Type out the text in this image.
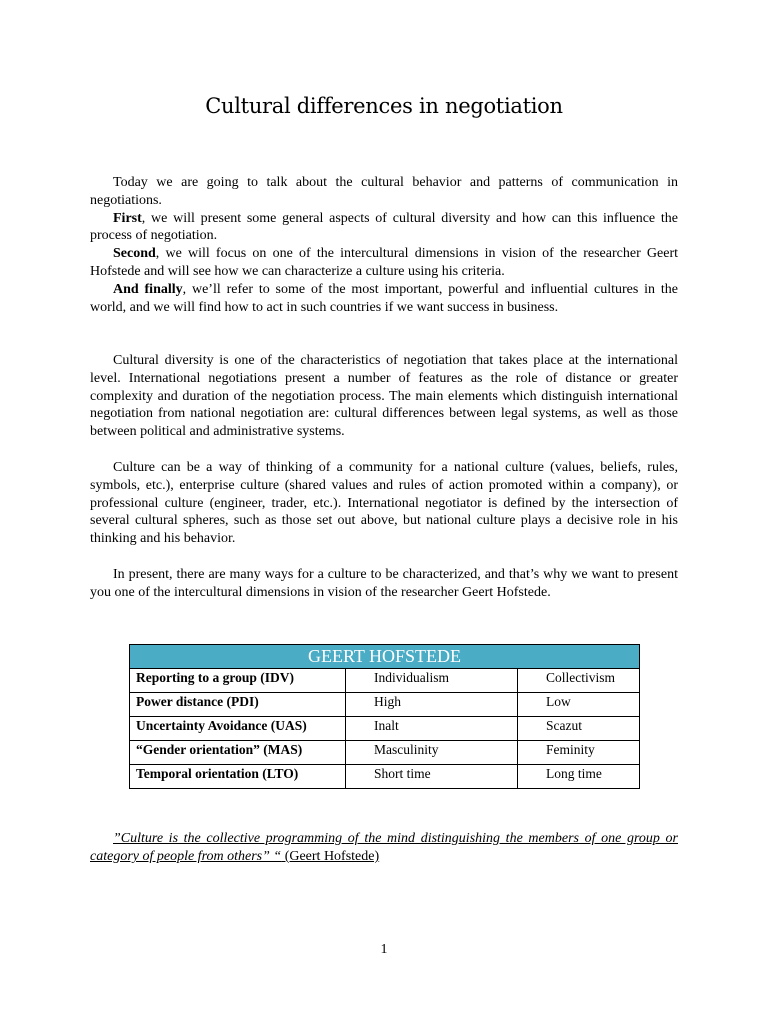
Cultural differences in negotiation

Today we are going to talk about the cultural behavior and patterns of communication in negotiations.

First, we will present some general aspects of cultural diversity and how can this influence the process of negotiation.

Second, we will focus on one of the intercultural dimensions in vision of the researcher Geert Hofstede and will see how we can characterize a culture using his criteria.

And finally, we’ll refer to some of the most important, powerful and influential cultures in the world, and we will find how to act in such countries if we want success in business.

Cultural diversity is one of the characteristics of negotiation that takes place at the international level. International negotiations present a number of features as the role of distance or greater complexity and duration of the negotiation process. The main elements which distinguish international negotiation from national negotiation are: cultural differences between legal systems, as well as those between political and administrative systems.

Culture can be a way of thinking of a community for a national culture (values, beliefs, rules, symbols, etc.), enterprise culture (shared values and rules of action promoted within a company), or professional culture (engineer, trader, etc.). International negotiator is defined by the intersection of several cultural spheres, such as those set out above, but national culture plays a decisive role in his thinking and his behavior.

In present, there are many ways for a culture to be characterized, and that’s why we want to present you one of the intercultural dimensions in vision of the researcher Geert Hofstede.

GEERT HOFSTEDE		
Reporting to a group (IDV)	Individualism	Collectivism
Power distance (PDI)	High	Low
Uncertainty Avoidance (UAS)	Inalt	Scazut
“Gender orientation” (MAS)	Masculinity	Feminity
Temporal orientation (LTO)	Short time	Long time

”Culture is the collective programming of the mind distinguishing the members of one group or category of people from others” “ (Geert Hofstede)

1
